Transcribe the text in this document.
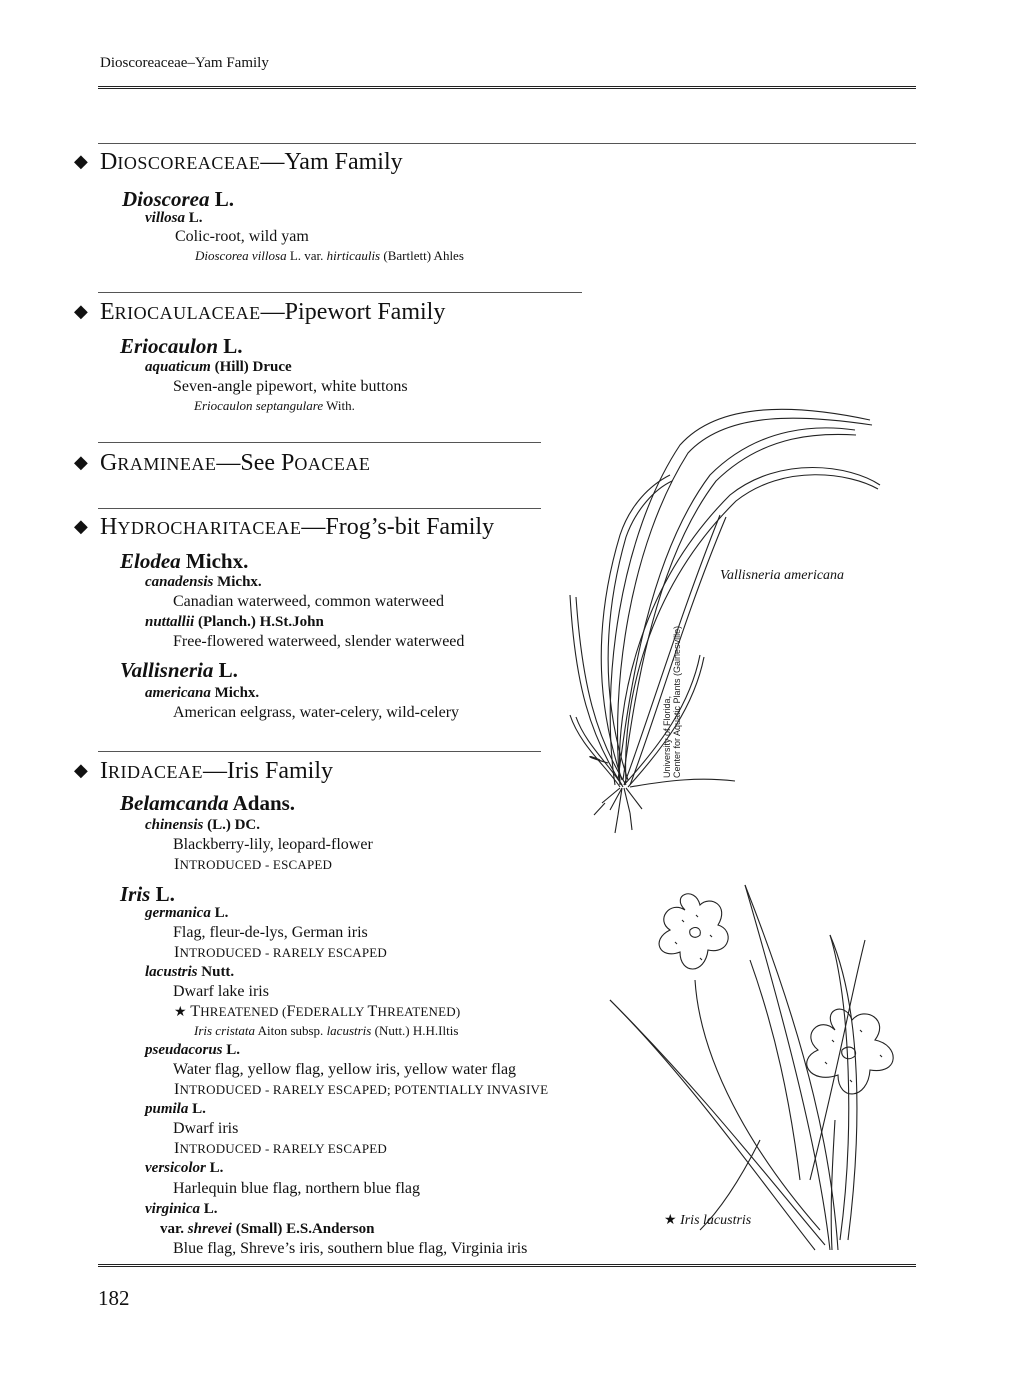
Dioscoreaceae–Yam Family
◆ DIOSCOREACEAE—Yam Family
Dioscorea L.
villosa L.
Colic-root, wild yam
Dioscorea villosa L. var. hirticaulis (Bartlett) Ahles
◆ ERIOCAULACEAE—Pipewort Family
Eriocaulon L.
aquaticum (Hill) Druce
Seven-angle pipewort, white buttons
Eriocaulon septangulare With.
◆ GRAMINEAE—See POACEAE
◆ HYDROCHARITACEAE—Frog’s-bit Family
Elodea Michx.
canadensis Michx.
Canadian waterweed, common waterweed
nuttallii (Planch.) H.St.John
Free-flowered waterweed, slender waterweed
Vallisneria L.
americana Michx.
American eelgrass, water-celery, wild-celery
◆ IRIDACEAE—Iris Family
Belamcanda Adans.
chinensis (L.) DC.
Blackberry-lily, leopard-flower
INTRODUCED - ESCAPED
Iris L.
germanica L.
Flag, fleur-de-lys, German iris
INTRODUCED - RARELY ESCAPED
lacustris Nutt.
Dwarf lake iris
★ THREATENED (FEDERALLY THREATENED)
Iris cristata Aiton subsp. lacustris (Nutt.) H.H.Iltis
pseudacorus L.
Water flag, yellow flag, yellow iris, yellow water flag
INTRODUCED - RARELY ESCAPED; POTENTIALLY INVASIVE
pumila L.
Dwarf iris
INTRODUCED - RARELY ESCAPED
versicolor L.
Harlequin blue flag, northern blue flag
virginica L.
var. shrevei (Small) E.S.Anderson
Blue flag, Shreve’s iris, southern blue flag, Virginia iris
Vallisneria americana
University of Florida, Center for Aquatic Plants (Gainesville)
★ Iris lacustris
182
